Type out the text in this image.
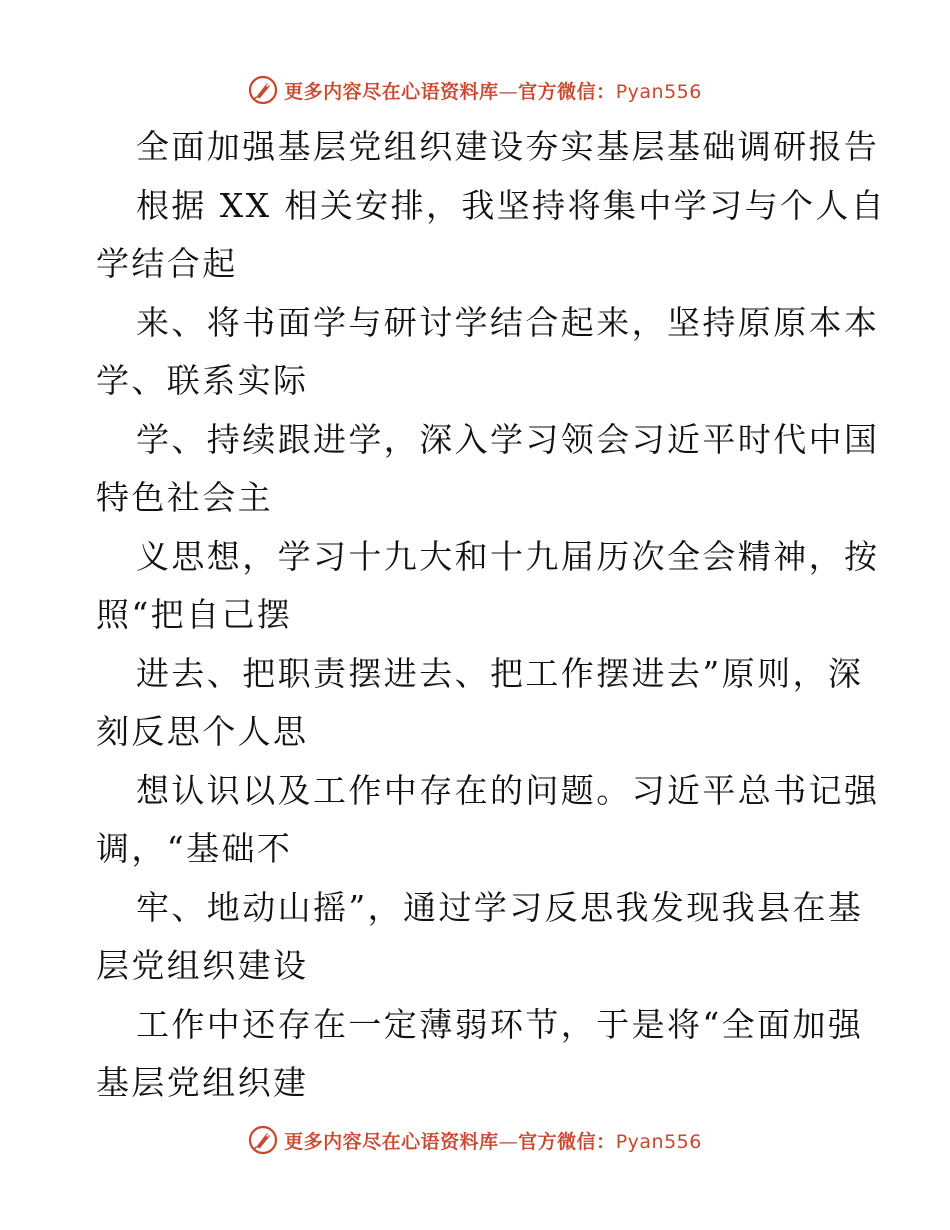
更多内容尽在心语资料库—官方微信：Pyan556
全面加强基层党组织建设夯实基层基础调研报告
根据 XX 相关安排，我坚持将集中学习与个人自
学结合起
来、将书面学与研讨学结合起来，坚持原原本本
学、联系实际
学、持续跟进学，深入学习领会习近平时代中国
特色社会主
义思想，学习十九大和十九届历次全会精神，按
照“把自己摆
进去、把职责摆进去、把工作摆进去”原则，深
刻反思个人思
想认识以及工作中存在的问题。习近平总书记强
调，“基础不
牢、地动山摇”，通过学习反思我发现我县在基
层党组织建设
工作中还存在一定薄弱环节，于是将“全面加强
基层党组织建
更多内容尽在心语资料库—官方微信：Pyan556
